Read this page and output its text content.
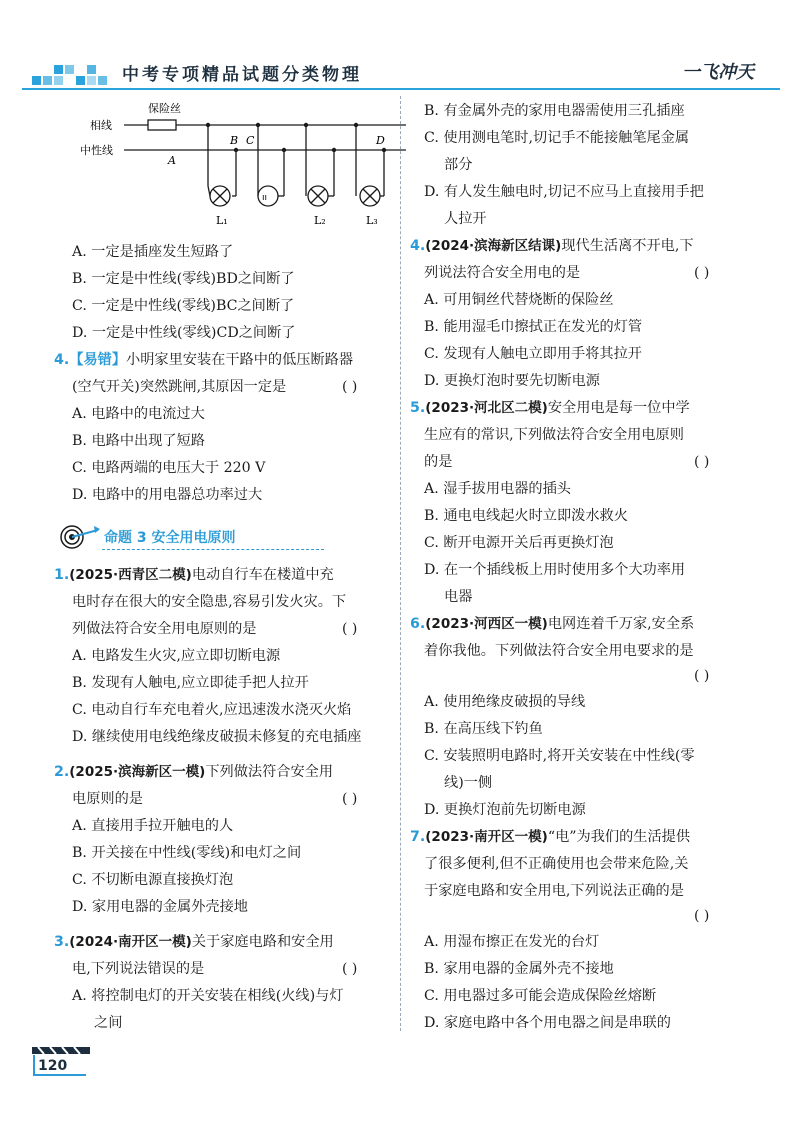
中考专项精品试题分类 物理	一飞冲天
ıı
保险丝
相线
中性线
A
B C	D
L₁	L₂	L₃
A. 一定是插座发生短路了
B. 一定是中性线(零线)BD之间断了
C. 一定是中性线(零线)BC之间断了
D. 一定是中性线(零线)CD之间断了
4.【易错】小明家里安装在干路中的低压断路器
(空气开关)突然跳闸,其原因一定是	( )
A. 电路中的电流过大
B. 电路中出现了短路
C. 电路两端的电压大于 220 V
D. 电路中的用电器总功率过大
命题 3 安全用电原则
1.(2025·西青区二模)电动自行车在楼道中充
电时存在很大的安全隐患,容易引发火灾。下
列做法符合安全用电原则的是	( )
A. 电路发生火灾,应立即切断电源
B. 发现有人触电,应立即徒手把人拉开
C. 电动自行车充电着火,应迅速泼水浇灭火焰
D. 继续使用电线绝缘皮破损未修复的充电插座
2.(2025·滨海新区一模)下列做法符合安全用
电原则的是	( )
A. 直接用手拉开触电的人
B. 开关接在中性线(零线)和电灯之间
C. 不切断电源直接换灯泡
D. 家用电器的金属外壳接地
3.(2024·南开区一模)关于家庭电路和安全用
电,下列说法错误的是	( )
A. 将控制电灯的开关安装在相线(火线)与灯
之间
B. 有金属外壳的家用电器需使用三孔插座
C. 使用测电笔时,切记手不能接触笔尾金属
部分
D. 有人发生触电时,切记不应马上直接用手把
人拉开
4.(2024·滨海新区结课)现代生活离不开电,下
列说法符合安全用电的是	( )
A. 可用铜丝代替烧断的保险丝
B. 能用湿毛巾擦拭正在发光的灯管
C. 发现有人触电立即用手将其拉开
D. 更换灯泡时要先切断电源
5.(2023·河北区二模)安全用电是每一位中学
生应有的常识,下列做法符合安全用电原则
的是	( )
A. 湿手拔用电器的插头
B. 通电电线起火时立即泼水救火
C. 断开电源开关后再更换灯泡
D. 在一个插线板上用时使用多个大功率用
电器
6.(2023·河西区一模)电网连着千万家,安全系
着你我他。下列做法符合安全用电要求的是
( )
A. 使用绝缘皮破损的导线
B. 在高压线下钓鱼
C. 安装照明电路时,将开关安装在中性线(零
线)一侧
D. 更换灯泡前先切断电源
7.(2023·南开区一模)“电”为我们的生活提供
了很多便利,但不正确使用也会带来危险,关
于家庭电路和安全用电,下列说法正确的是
( )
A. 用湿布擦正在发光的台灯
B. 家用电器的金属外壳不接地
C. 用电器过多可能会造成保险丝熔断
D. 家庭电路中各个用电器之间是串联的
120
